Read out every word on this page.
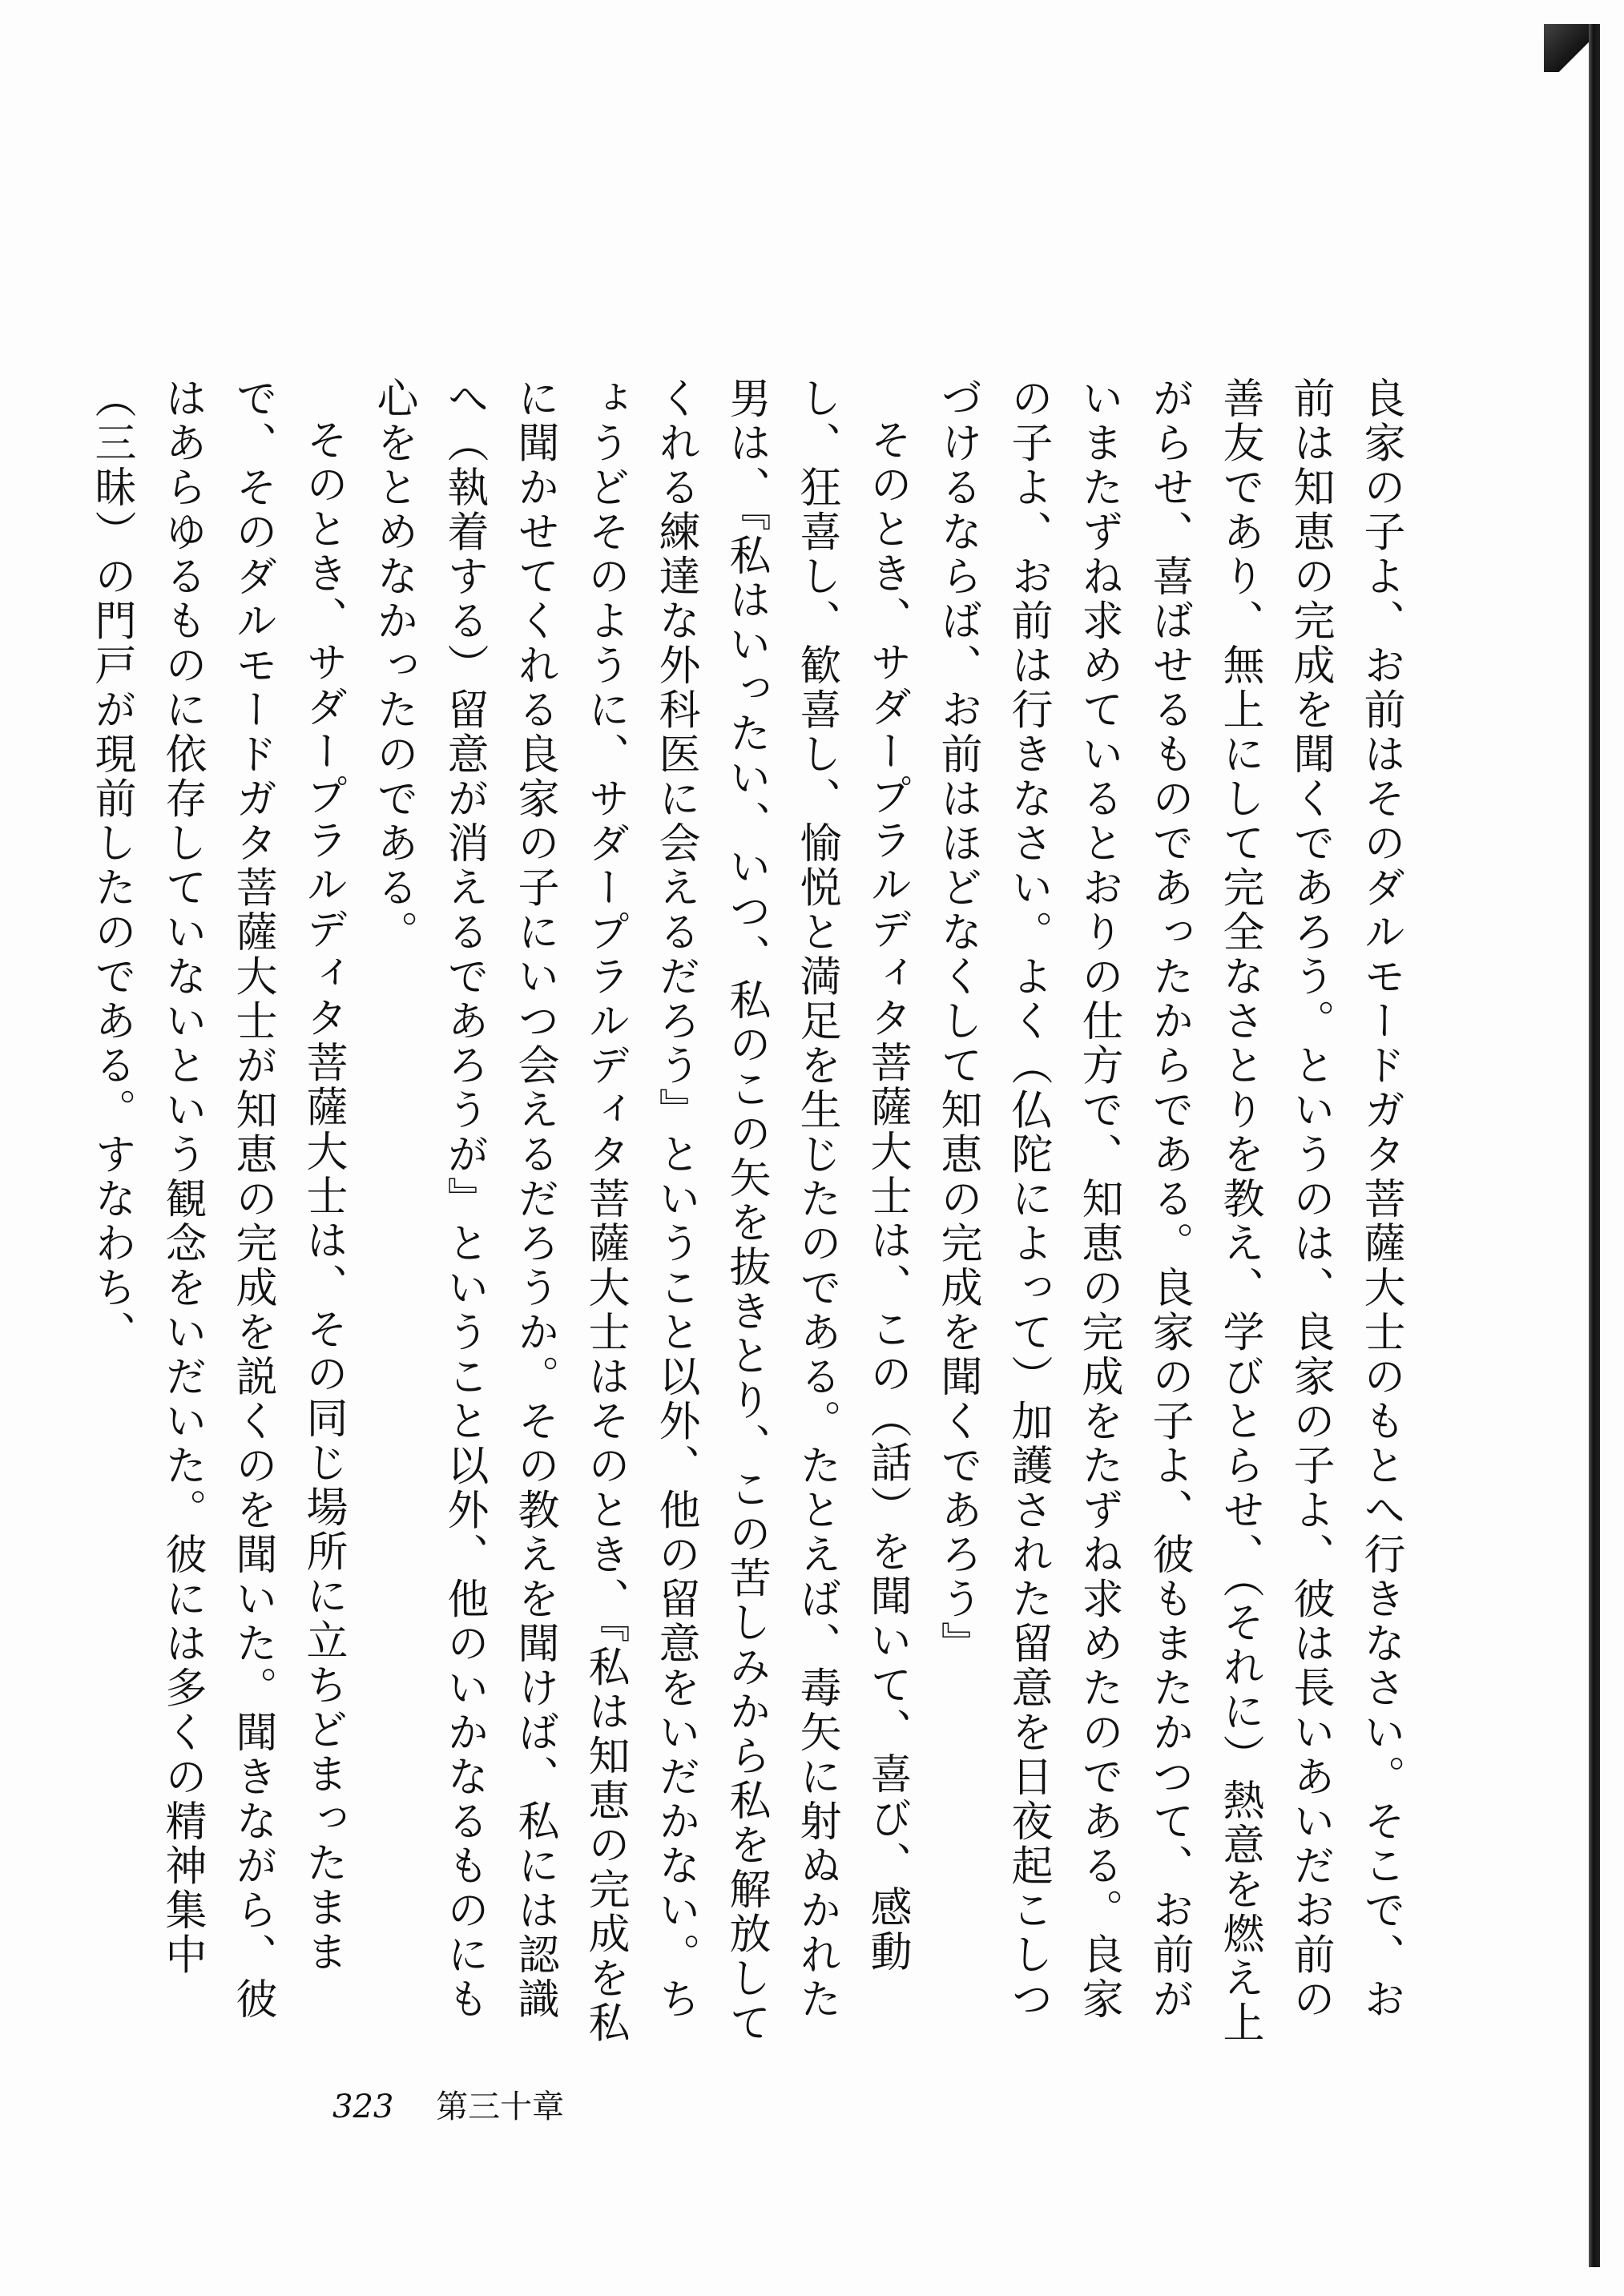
良家の子よ、お前はそのダルモードガタ菩薩大士のもとへ行きなさい。そこで、お前は知恵の完成を聞くであろう。というのは、良家の子よ、彼は長いあいだお前の善友であり、無上にして完全なさとりを教え、学びとらせ、（それに）熱意を燃え上がらせ、喜ばせるものであったからである。良家の子よ、彼もまたかつて、お前がいまたずね求めているとおりの仕方で、知恵の完成をたずね求めたのである。良家の子よ、お前は行きなさい。よく（仏陀によって）加護された留意を日夜起こしつづけるならば、お前はほどなくして知恵の完成を聞くであろう』

そのとき、サダープラルディタ菩薩大士は、この（話）を聞いて、喜び、感動し、狂喜し、歓喜し、愉悦と満足を生じたのである。たとえば、毒矢に射ぬかれた男は、『私はいったい、いつ、私のこの矢を抜きとり、この苦しみから私を解放してくれる練達な外科医に会えるだろう』ということ以外、他の留意をいだかない。ちょうどそのように、サダープラルディタ菩薩大士はそのとき、『私は知恵の完成を私に聞かせてくれる良家の子にいつ会えるだろうか。その教えを聞けば、私には認識へ（執着する）留意が消えるであろうが』ということ以外、他のいかなるものにも心をとめなかったのである。

そのとき、サダープラルディタ菩薩大士は、その同じ場所に立ちどまったままで、そのダルモードガタ菩薩大士が知恵の完成を説くのを聞いた。聞きながら、彼はあらゆるものに依存していないという観念をいだいた。彼には多くの精神集中（三昧）の門戸が現前したのである。すなわち、

323 第三十章
